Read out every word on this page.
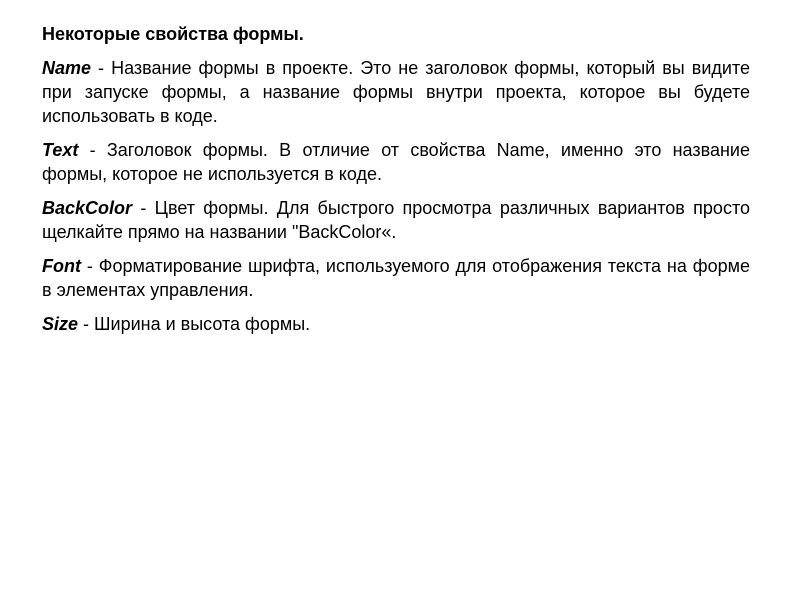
Некоторые свойства формы.

Name - Название формы в проекте. Это не заголовок формы, который вы видите при запуске формы, а название формы внутри проекта, которое вы будете использовать в коде.

Text - Заголовок формы. В отличие от свойства Name, именно это название формы, которое не используется в коде.

BackColor - Цвет формы. Для быстрого просмотра различных вариантов просто щелкайте прямо на названии "BackColor«.

Font - Форматирование шрифта, используемого для отображения текста на форме в элементах управления.

Size - Ширина и высота формы.
